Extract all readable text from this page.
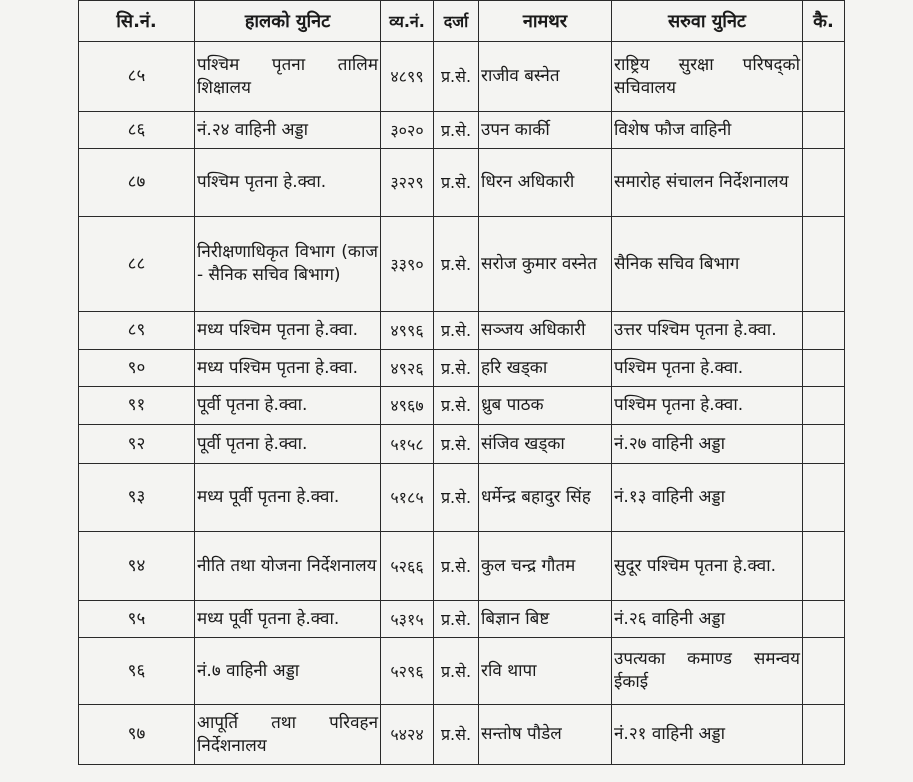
सि.नं.	हालको युनिट	व्य.नं.	दर्जा	नामथर	सरुवा युनिट	कै.
८५	पश्चिम पृतना तालिम शिक्षालय	४८९९	प्र.से.	राजीव बस्नेत	राष्ट्रिय सुरक्षा परिषद्को सचिवालय	
८६	नं.२४ वाहिनी अड्डा	३०२०	प्र.से.	उपन कार्की	विशेष फौज वाहिनी	
८७	पश्चिम पृतना हे.क्वा.	३२२९	प्र.से.	धिरन अधिकारी	समारोह संचालन निर्देशनालय	
८८	निरीक्षणाधिकृत विभाग (काज - सैनिक सचिव बिभाग)	३३९०	प्र.से.	सरोज कुमार वस्नेत	सैनिक सचिव बिभाग	
८९	मध्य पश्चिम पृतना हे.क्वा.	४९९६	प्र.से.	सञ्जय अधिकारी	उत्तर पश्चिम पृतना हे.क्वा.	
९०	मध्य पश्चिम पृतना हे.क्वा.	४९२६	प्र.से.	हरि खड्का	पश्चिम पृतना हे.क्वा.	
९१	पूर्वी पृतना हे.क्वा.	४९६७	प्र.से.	ध्रुब पाठक	पश्चिम पृतना हे.क्वा.	
९२	पूर्वी पृतना हे.क्वा.	५१५८	प्र.से.	संजिव खड्का	नं.२७ वाहिनी अड्डा	
९३	मध्य पूर्वी पृतना हे.क्वा.	५१८५	प्र.से.	धर्मेन्द्र बहादुर सिंह	नं.१३ वाहिनी अड्डा	
९४	नीति तथा योजना निर्देशनालय	५२६६	प्र.से.	कुल चन्द्र गौतम	सुदूर पश्चिम पृतना हे.क्वा.	
९५	मध्य पूर्वी पृतना हे.क्वा.	५३१५	प्र.से.	बिज्ञान बिष्ट	नं.२६ वाहिनी अड्डा	
९६	नं.७ वाहिनी अड्डा	५२९६	प्र.से.	रवि थापा	उपत्यका कमाण्ड समन्वय ईकाई	
९७	आपूर्ति तथा परिवहन निर्देशनालय	५४२४	प्र.से.	सन्तोष पौडेल	नं.२१ वाहिनी अड्डा	
